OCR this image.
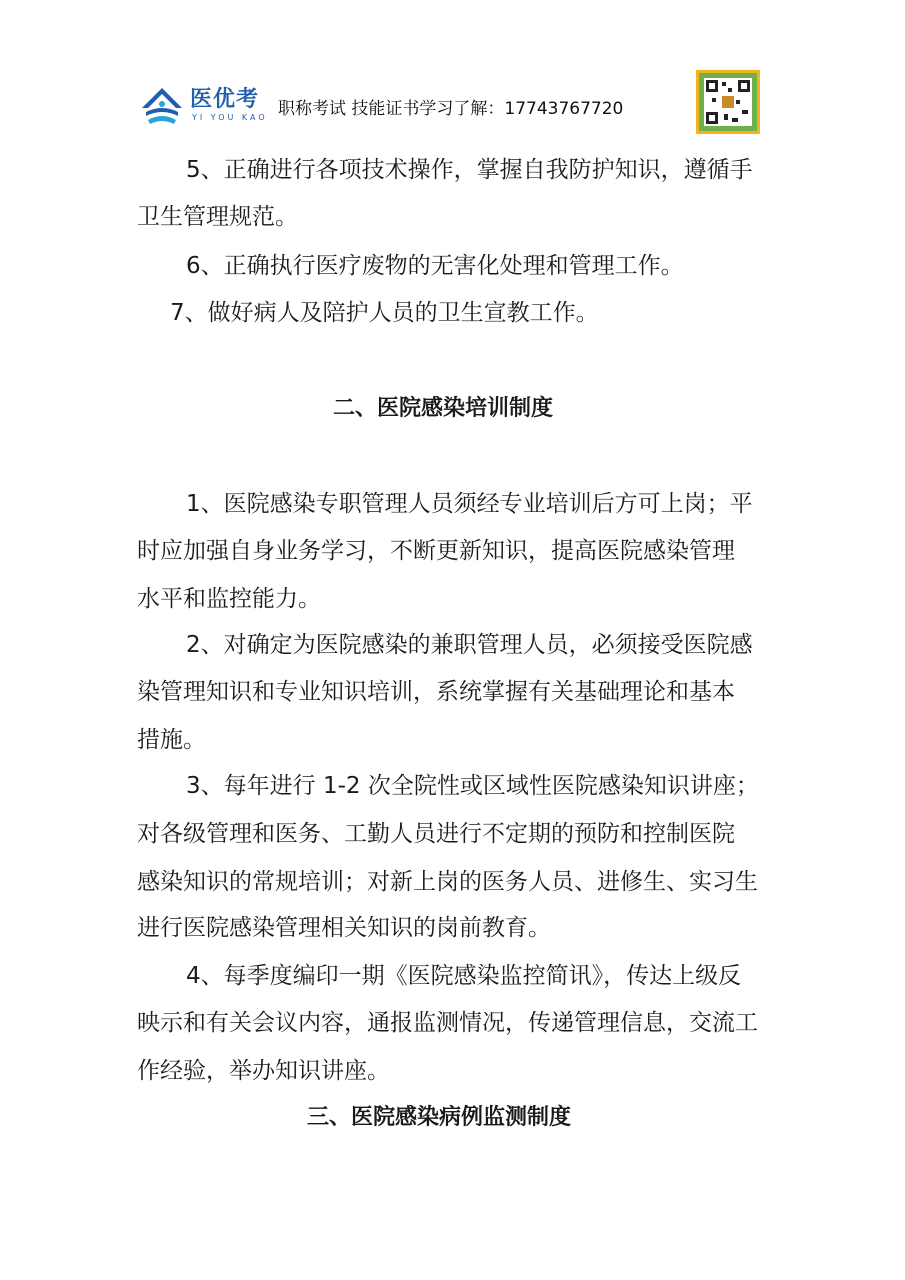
医优考
YI YOU KAO 职称考试 技能证书学习了解：17743767720
5、正确进行各项技术操作，掌握自我防护知识，遵循手
卫生管理规范。
6、正确执行医疗废物的无害化处理和管理工作。
7、做好病人及陪护人员的卫生宣教工作。
二、医院感染培训制度
1、医院感染专职管理人员须经专业培训后方可上岗；平
时应加强自身业务学习，不断更新知识，提高医院感染管理
水平和监控能力。
2、对确定为医院感染的兼职管理人员，必须接受医院感
染管理知识和专业知识培训，系统掌握有关基础理论和基本
措施。
3、每年进行 1-2 次全院性或区域性医院感染知识讲座；
对各级管理和医务、工勤人员进行不定期的预防和控制医院
感染知识的常规培训；对新上岗的医务人员、进修生、实习生
进行医院感染管理相关知识的岗前教育。
4、每季度编印一期《医院感染监控简讯》，传达上级反
映示和有关会议内容，通报监测情况，传递管理信息，交流工
作经验，举办知识讲座。
三、医院感染病例监测制度
